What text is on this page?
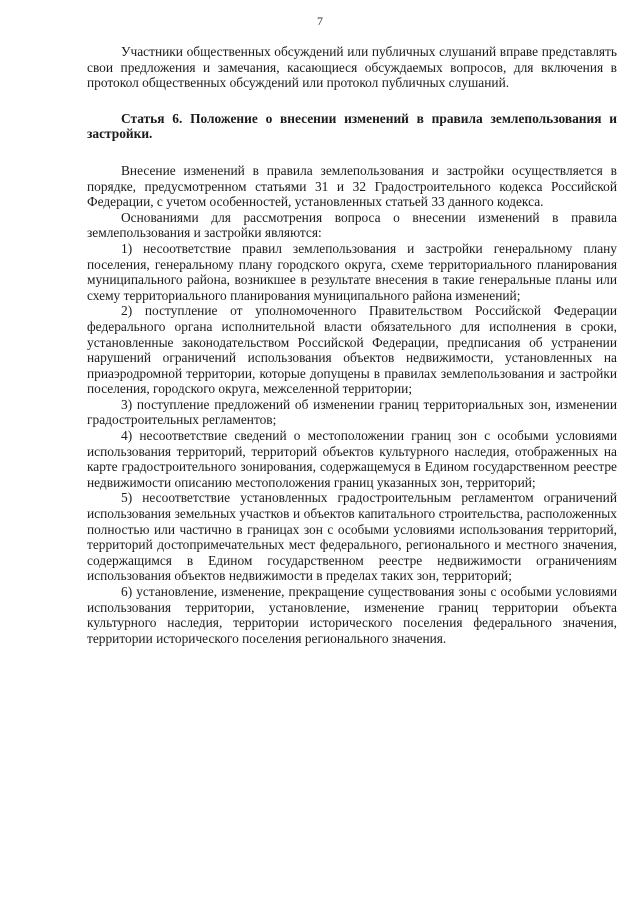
7

Участники общественных обсуждений или публичных слушаний вправе представлять свои предложения и замечания, касающиеся обсуждаемых вопросов, для включения в протокол общественных обсуждений или протокол публичных слушаний.

Статья 6. Положение о внесении изменений в правила землепользования и застройки.

Внесение изменений в правила землепользования и застройки осуществляется в порядке, предусмотренном статьями 31 и 32 Градостроительного кодекса Российской Федерации, с учетом особенностей, установленных статьей 33 данного кодекса.

Основаниями для рассмотрения вопроса о внесении изменений в правила землепользования и застройки являются:

1) несоответствие правил землепользования и застройки генеральному плану поселения, генеральному плану городского округа, схеме территориального планирования муниципального района, возникшее в результате внесения в такие генеральные планы или схему территориального планирования муниципального района изменений;

2) поступление от уполномоченного Правительством Российской Федерации федерального органа исполнительной власти обязательного для исполнения в сроки, установленные законодательством Российской Федерации, предписания об устранении нарушений ограничений использования объектов недвижимости, установленных на приаэродромной территории, которые допущены в правилах землепользования и застройки поселения, городского округа, межселенной территории;

3) поступление предложений об изменении границ территориальных зон, изменении градостроительных регламентов;

4) несоответствие сведений о местоположении границ зон с особыми условиями использования территорий, территорий объектов культурного наследия, отображенных на карте градостроительного зонирования, содержащемуся в Едином государственном реестре недвижимости описанию местоположения границ указанных зон, территорий;

5) несоответствие установленных градостроительным регламентом ограничений использования земельных участков и объектов капитального строительства, расположенных полностью или частично в границах зон с особыми условиями использования территорий, территорий достопримечательных мест федерального, регионального и местного значения, содержащимся в Едином государственном реестре недвижимости ограничениям использования объектов недвижимости в пределах таких зон, территорий;

6) установление, изменение, прекращение существования зоны с особыми условиями использования территории, установление, изменение границ территории объекта культурного наследия, территории исторического поселения федерального значения, территории исторического поселения регионального значения.
